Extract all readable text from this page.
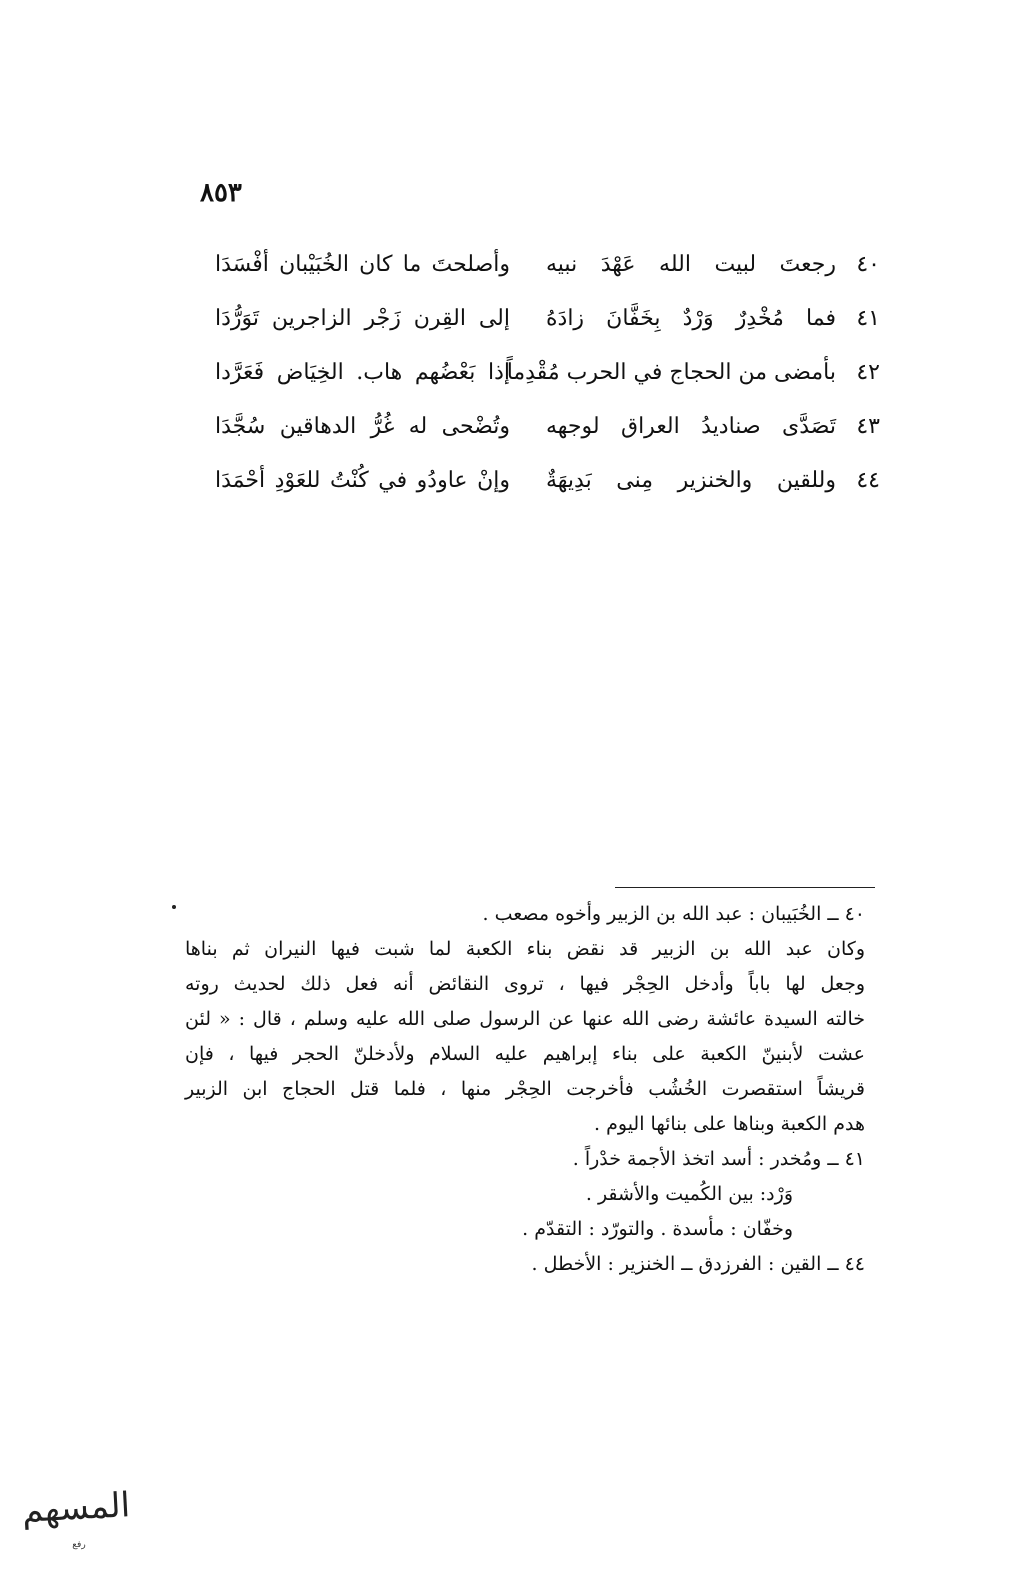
٨٥٣
٤٠
رجعتَ لبيت الله عَهْدَ نبيه
وأصلحتَ ما كان الخُبَيْبان أفْسَدَا
٤١
فما مُخْدِرٌ وَرْدٌ بِخَفَّانَ زادَهُ
إلى القِرن زَجْر الزاجرين تَوَرُّدَا
٤٢
بأمضى من الحجاج في الحرب مُقْدِماً
إذا بَعْضُهم هاب. الخِيَاض فَعَرَّدا
٤٣
تَصَدَّى صناديدُ العراق لوجهه
وتُضْحى له غُرُّ الدهاقين سُجَّدَا
٤٤
وللقين والخنزير مِنى بَدِيهَةٌ
وإنْ عاودُو في كُنْتُ للعَوْدِ أحْمَدَا

٤٠ ــ الخُبَيبان : عبد الله بن الزبير وأخوه مصعب .

وكان عبد الله بن الزبير قد نقض بناء الكعبة لما شبت فيها النيران ثم بناها

وجعل لها باباً وأدخل الحِجْر فيها ، تروى النقائض أنه فعل ذلك لحديث روته

خالته السيدة عائشة رضى الله عنها عن الرسول صلى الله عليه وسلم ، قال : « لئن

عشت لأبنينّ الكعبة على بناء إبراهيم عليه السلام ولأدخلنّ الحجر فيها ، فإن

قريشاً استقصرت الخُشُب فأخرجت الحِجْر منها ، فلما قتل الحجاج ابن الزبير

هدم الكعبة وبناها على بنائها اليوم .

٤١ ــ ومُخدر : أسد اتخذ الأجمة خدْراً .

وَرْد: بين الكُميت والأشقر .

وخفّان : مأسدة . والتورّد : التقدّم .

٤٤ ــ القين : الفرزدق ــ الخنزير : الأخطل .

المسهم
رفع
